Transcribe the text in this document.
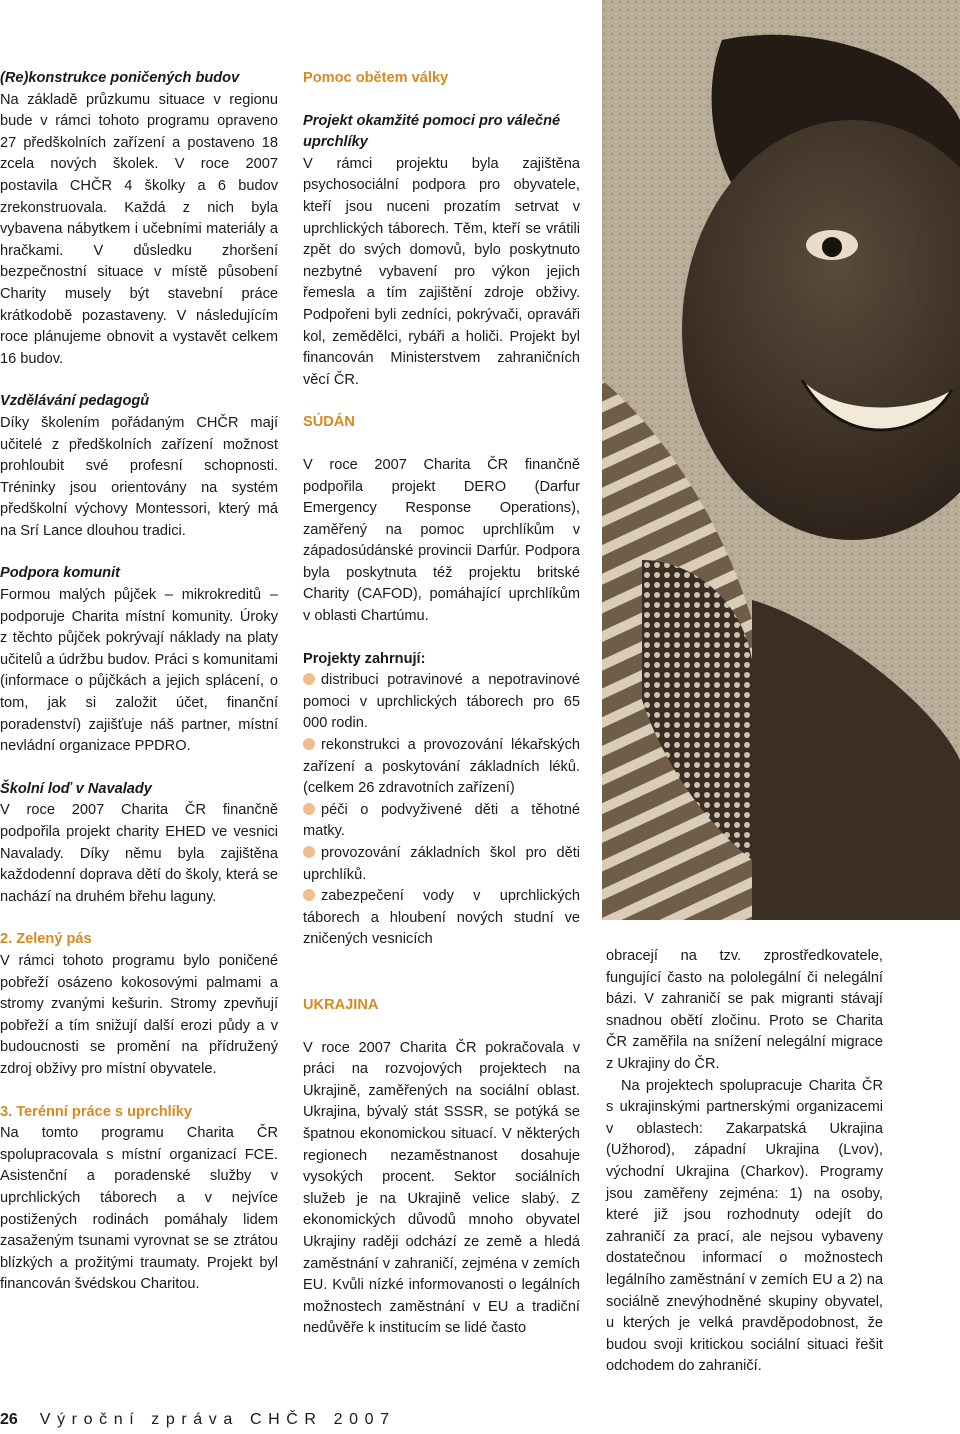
(Re)konstrukce poničených budov

Na základě průzkumu situace v regionu bude v rámci tohoto programu opraveno 27 předškolních zařízení a postaveno 18 zcela nových školek. V roce 2007 postavila CHČR 4 školky a 6 budov zrekonstruovala. Každá z nich byla vybavena nábytkem i učebními materiály a hračkami. V důsledku zhoršení bezpečnostní situace v místě působení Charity musely být stavební práce krátkodobě pozastaveny. V následujícím roce plánujeme obnovit a vystavět celkem 16 budov.

Vzdělávání pedagogů

Díky školením pořádaným CHČR mají učitelé z předškolních zařízení možnost prohloubit své profesní schopnosti. Tréninky jsou orientovány na systém předškolní výchovy Montessori, který má na Srí Lance dlouhou tradici.

Podpora komunit

Formou malých půjček – mikrokreditů – podporuje Charita místní komunity. Úroky z těchto půjček pokrývají náklady na platy učitelů a údržbu budov. Práci s komunitami (informace o půjčkách a jejich splácení, o tom, jak si založit účet, finanční poradenství) zajišťuje náš partner, místní nevládní organizace PPDRO.

Školní loď v Navalady

V roce 2007 Charita ČR finančně podpořila projekt charity EHED ve vesnici Navalady. Díky němu byla zajištěna každodenní doprava dětí do školy, která se nachází na druhém břehu laguny.

2. Zelený pás

V rámci tohoto programu bylo poničené pobřeží osázeno kokosovými palmami a stromy zvanými kešurin. Stromy zpevňují pobřeží a tím snižují další erozi půdy a v budoucnosti se promění na přídružený zdroj obživy pro místní obyvatele.

3. Terénní práce s uprchlíky

Na tomto programu Charita ČR spolupracovala s místní organizací FCE. Asistenční a poradenské služby v uprchlických táborech a v nejvíce postižených rodinách pomáhaly lidem zasaženým tsunami vyrovnat se se ztrátou blízkých a prožitými traumaty. Projekt byl financován švédskou Charitou.

Pomoc obětem války
Projekt okamžité pomoci pro válečné uprchlíky

V rámci projektu byla zajištěna psychosociální podpora pro obyvatele, kteří jsou nuceni prozatím setrvat v uprchlických táborech. Těm, kteří se vrátili zpět do svých domovů, bylo poskytnuto nezbytné vybavení pro výkon jejich řemesla a tím zajištění zdroje obživy. Podpořeni byli zedníci, pokrývači, opraváři kol, zemědělci, rybáři a holiči. Projekt byl financován Ministerstvem zahraničních věcí ČR.

SÚDÁN

V roce 2007 Charita ČR finančně podpořila projekt DERO (Darfur Emergency Response Operations), zaměřený na pomoc uprchlíkům v západosúdánské provincii Darfúr. Podpora byla poskytnuta též projektu britské Charity (CAFOD), pomáhající uprchlíkům v oblasti Chartúmu.

Projekty zahrnují:

distribuci potravinové a nepotravinové pomoci v uprchlických táborech pro 65 000 rodin.

rekonstrukci a provozování lékařských zařízení a poskytování základních léků. (celkem 26 zdravotních zařízení)

péči o podvyživené děti a těhotné matky.

provozování základních škol pro děti uprchlíků.

zabezpečení vody v uprchlických táborech a hloubení nových studní ve zničených vesnicích

UKRAJINA

V roce 2007 Charita ČR pokračovala v práci na rozvojových projektech na Ukrajině, zaměřených na sociální oblast. Ukrajina, bývalý stát SSSR, se potýká se špatnou ekonomickou situací. V některých regionech nezaměstnanost dosahuje vysokých procent. Sektor sociálních služeb je na Ukrajině velice slabý. Z ekonomických důvodů mnoho obyvatel Ukrajiny raději odchází ze země a hledá zaměstnání v zahraničí, zejména v zemích EU. Kvůli nízké informovanosti o legálních možnostech zaměstnání v EU a tradiční nedůvěře k institucím se lidé často

obracejí na tzv. zprostředkovatele, fungující často na pololegální či nelegální bázi. V zahraničí se pak migranti stávají snadnou obětí zločinu. Proto se Charita ČR zaměřila na snížení nelegální migrace z Ukrajiny do ČR.

Na projektech spolupracuje Charita ČR s ukrajinskými partnerskými organizacemi v oblastech: Zakarpatská Ukrajina (Užhorod), západní Ukrajina (Lvov), východní Ukrajina (Charkov). Programy jsou zaměřeny zejména: 1) na osoby, které již jsou rozhodnuty odejít do zahraničí za prací, ale nejsou vybaveny dostatečnou informací o možnostech legálního zaměstnání v zemích EU a 2) na sociálně znevýhodněné skupiny obyvatel, u kterých je velká pravděpodobnost, že budou svoji kritickou sociální situaci řešit odchodem do zahraničí.

26 Výroční zpráva CHČR 2007
